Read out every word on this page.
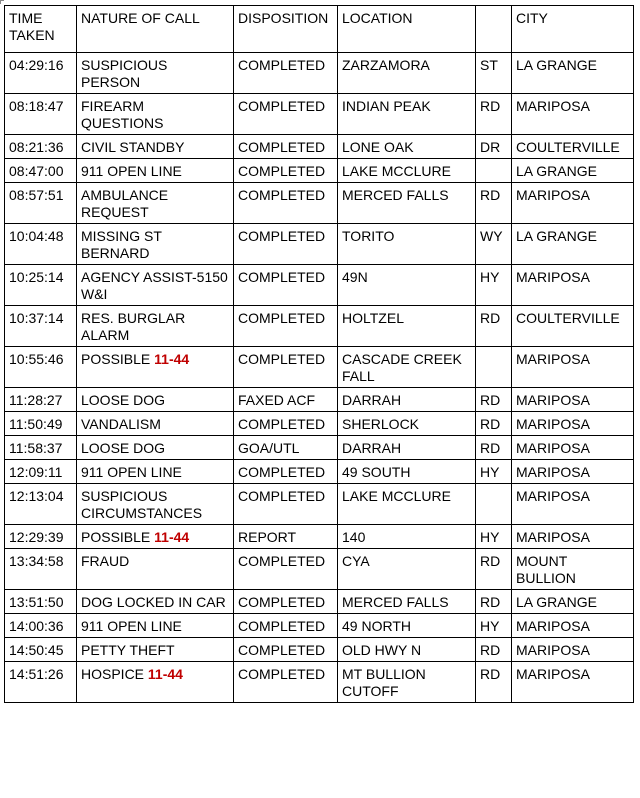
TIME TAKEN	NATURE OF CALL	DISPOSITION	LOCATION		CITY
04:29:16	SUSPICIOUS PERSON	COMPLETED	ZARZAMORA	ST	LA GRANGE
08:18:47	FIREARM QUESTIONS	COMPLETED	INDIAN PEAK	RD	MARIPOSA
08:21:36	CIVIL STANDBY	COMPLETED	LONE OAK	DR	COULTERVILLE
08:47:00	911 OPEN LINE	COMPLETED	LAKE MCCLURE		LA GRANGE
08:57:51	AMBULANCE REQUEST	COMPLETED	MERCED FALLS	RD	MARIPOSA
10:04:48	MISSING ST BERNARD	COMPLETED	TORITO	WY	LA GRANGE
10:25:14	AGENCY ASSIST-5150 W&I	COMPLETED	49N	HY	MARIPOSA
10:37:14	RES. BURGLAR ALARM	COMPLETED	HOLTZEL	RD	COULTERVILLE
10:55:46	POSSIBLE 11-44	COMPLETED	CASCADE CREEK FALL		MARIPOSA
11:28:27	LOOSE DOG	FAXED ACF	DARRAH	RD	MARIPOSA
11:50:49	VANDALISM	COMPLETED	SHERLOCK	RD	MARIPOSA
11:58:37	LOOSE DOG	GOA/UTL	DARRAH	RD	MARIPOSA
12:09:11	911 OPEN LINE	COMPLETED	49 SOUTH	HY	MARIPOSA
12:13:04	SUSPICIOUS CIRCUMSTANCES	COMPLETED	LAKE MCCLURE		MARIPOSA
12:29:39	POSSIBLE 11-44	REPORT	140	HY	MARIPOSA
13:34:58	FRAUD	COMPLETED	CYA	RD	MOUNT BULLION
13:51:50	DOG LOCKED IN CAR	COMPLETED	MERCED FALLS	RD	LA GRANGE
14:00:36	911 OPEN LINE	COMPLETED	49 NORTH	HY	MARIPOSA
14:50:45	PETTY THEFT	COMPLETED	OLD HWY N	RD	MARIPOSA
14:51:26	HOSPICE 11-44	COMPLETED	MT BULLION CUTOFF	RD	MARIPOSA
